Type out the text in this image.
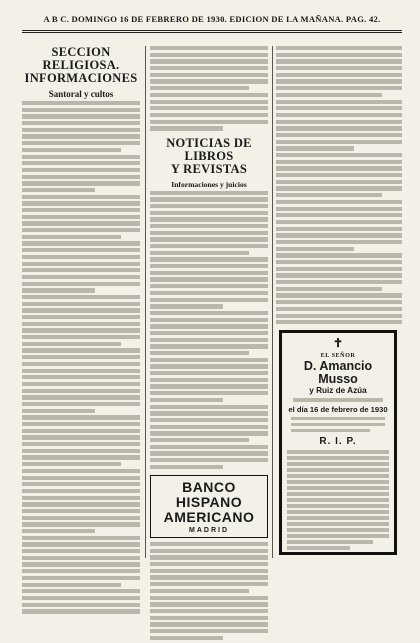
A B C. DOMINGO 16 DE FEBRERO DE 1930. EDICION DE LA MAÑANA. PAG. 42.
SECCION RELIGIOSA.
INFORMACIONES
Santoral y cultos
NOTICIAS DE LIBROS
Y REVISTAS
Informaciones y juicios
BANCO HISPANO
AMERICANO
MADRID
✝
EL SEÑOR
D. Amancio Musso
y Ruiz de Azúa
el día 16 de febrero de 1930
R. I. P.
